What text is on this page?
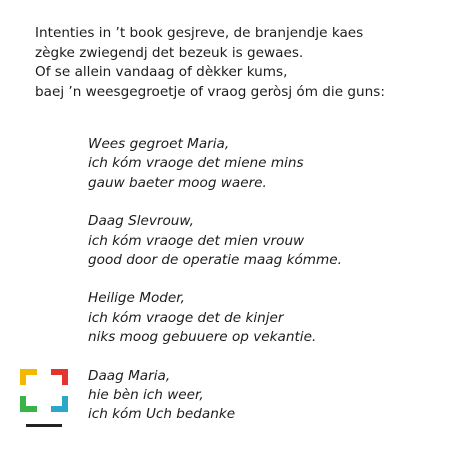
Intenties in ’t book gesjreve, de branjendje kaes
zègke zwiegendj det bezeuk is gewaes.
Of se allein vandaag of dèkker kums,
baej ’n weesgegroetje of vraog geròsj óm die guns:
Wees gegroet Maria,
ich kóm vraoge det miene mins
gauw baeter moog waere.
Daag Slevrouw,
ich kóm vraoge det mien vrouw
good door de operatie maag kómme.
Heilige Moder,
ich kóm vraoge det de kinjer
niks moog gebuuere op vekantie.
Daag Maria,
hie bèn ich weer,
ich kóm Uch bedanke
